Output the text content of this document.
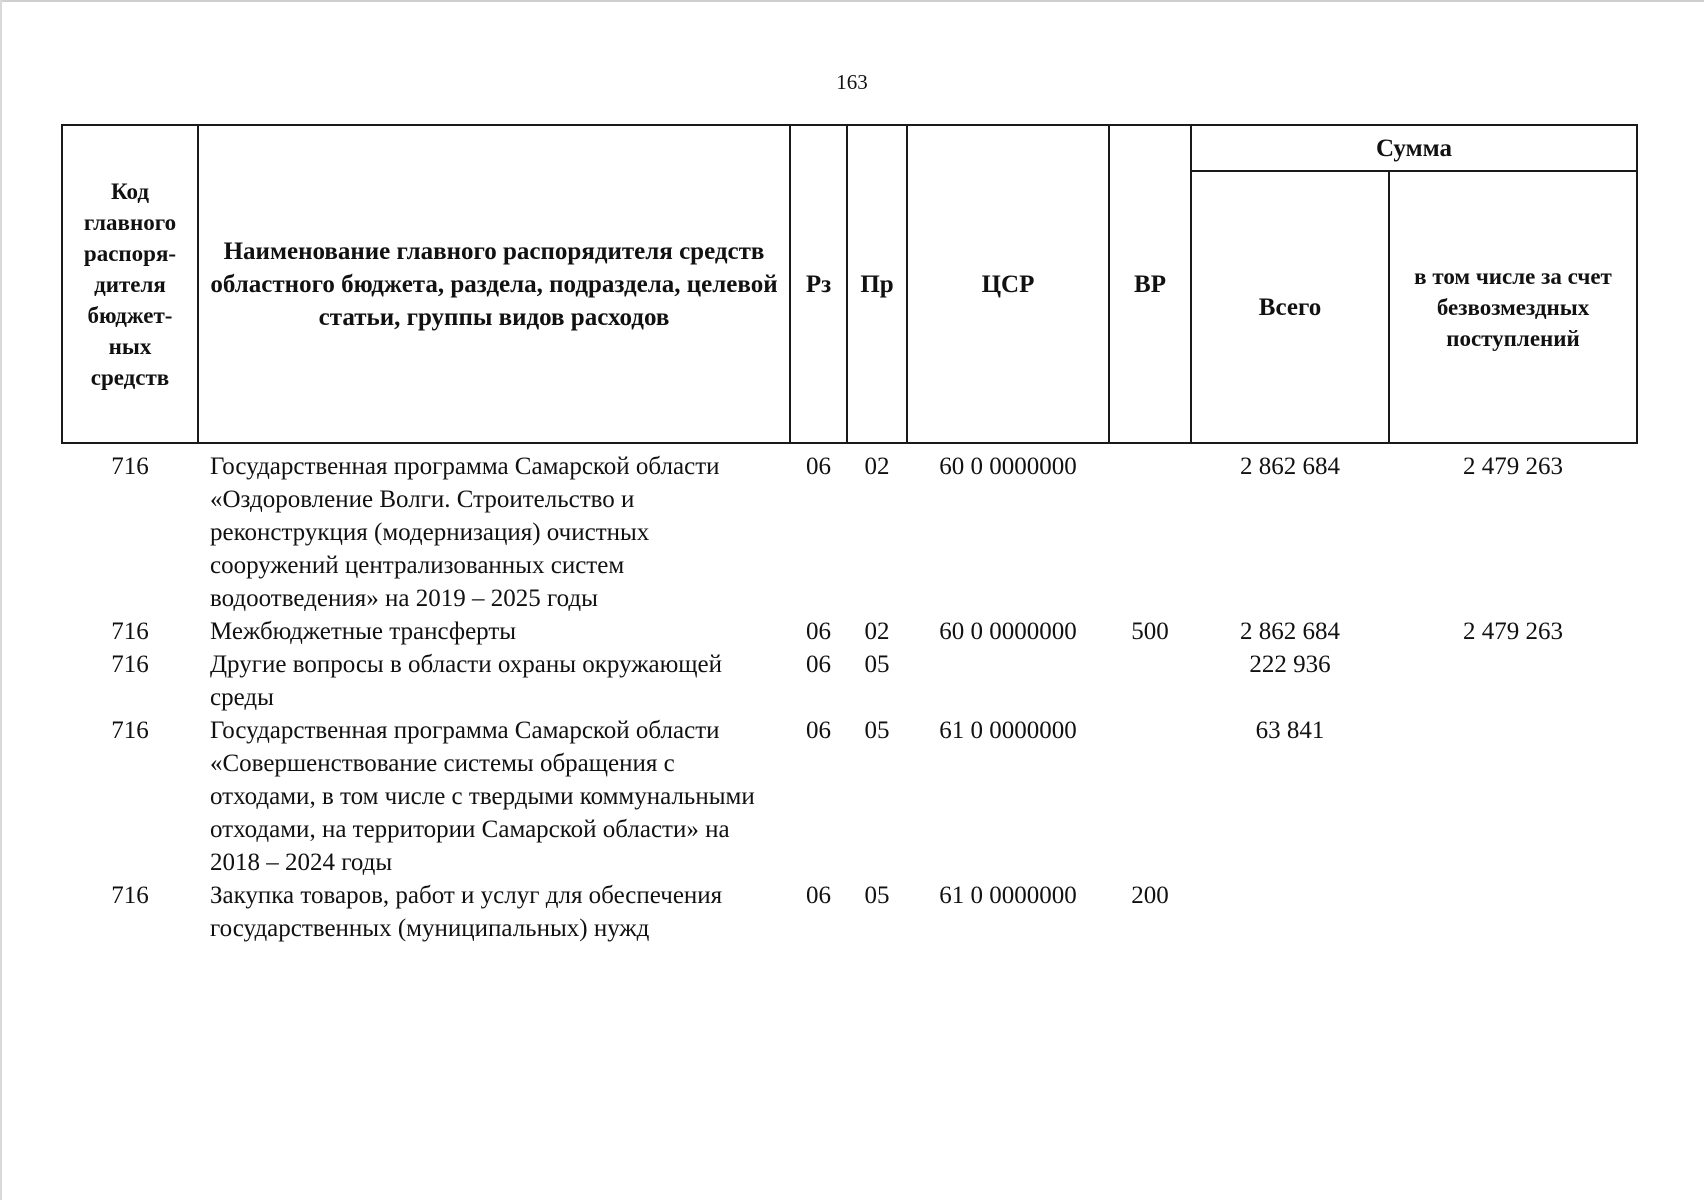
163
Код главного распоря-дителя бюджет-ных средств	Наименование главного распорядителя средств областного бюджета, раздела, подраздела, целевой статьи, группы видов расходов	Рз	Пр	ЦСР	ВР	Сумма	
						Всего	в том числе за счет безвозмездных поступлений
716	Государственная программа Самарской области «Оздоровление Волги. Строительство и реконструкция (модернизация) очистных сооружений централизованных систем водоотведения» на 2019 – 2025 годы	06	02	60 0 0000000		2 862 684	2 479 263
716	Межбюджетные трансферты	06	02	60 0 0000000	500	2 862 684	2 479 263
716	Другие вопросы в области охраны окружающей среды	06	05			222 936	
716	Государственная программа Самарской области «Совершенствование системы обращения с отходами, в том числе с твердыми коммунальными отходами, на территории Самарской области» на 2018 – 2024 годы	06	05	61 0 0000000		63 841	
716	Закупка товаров, работ и услуг для обеспечения государственных (муниципальных) нужд	06	05	61 0 0000000	200		
